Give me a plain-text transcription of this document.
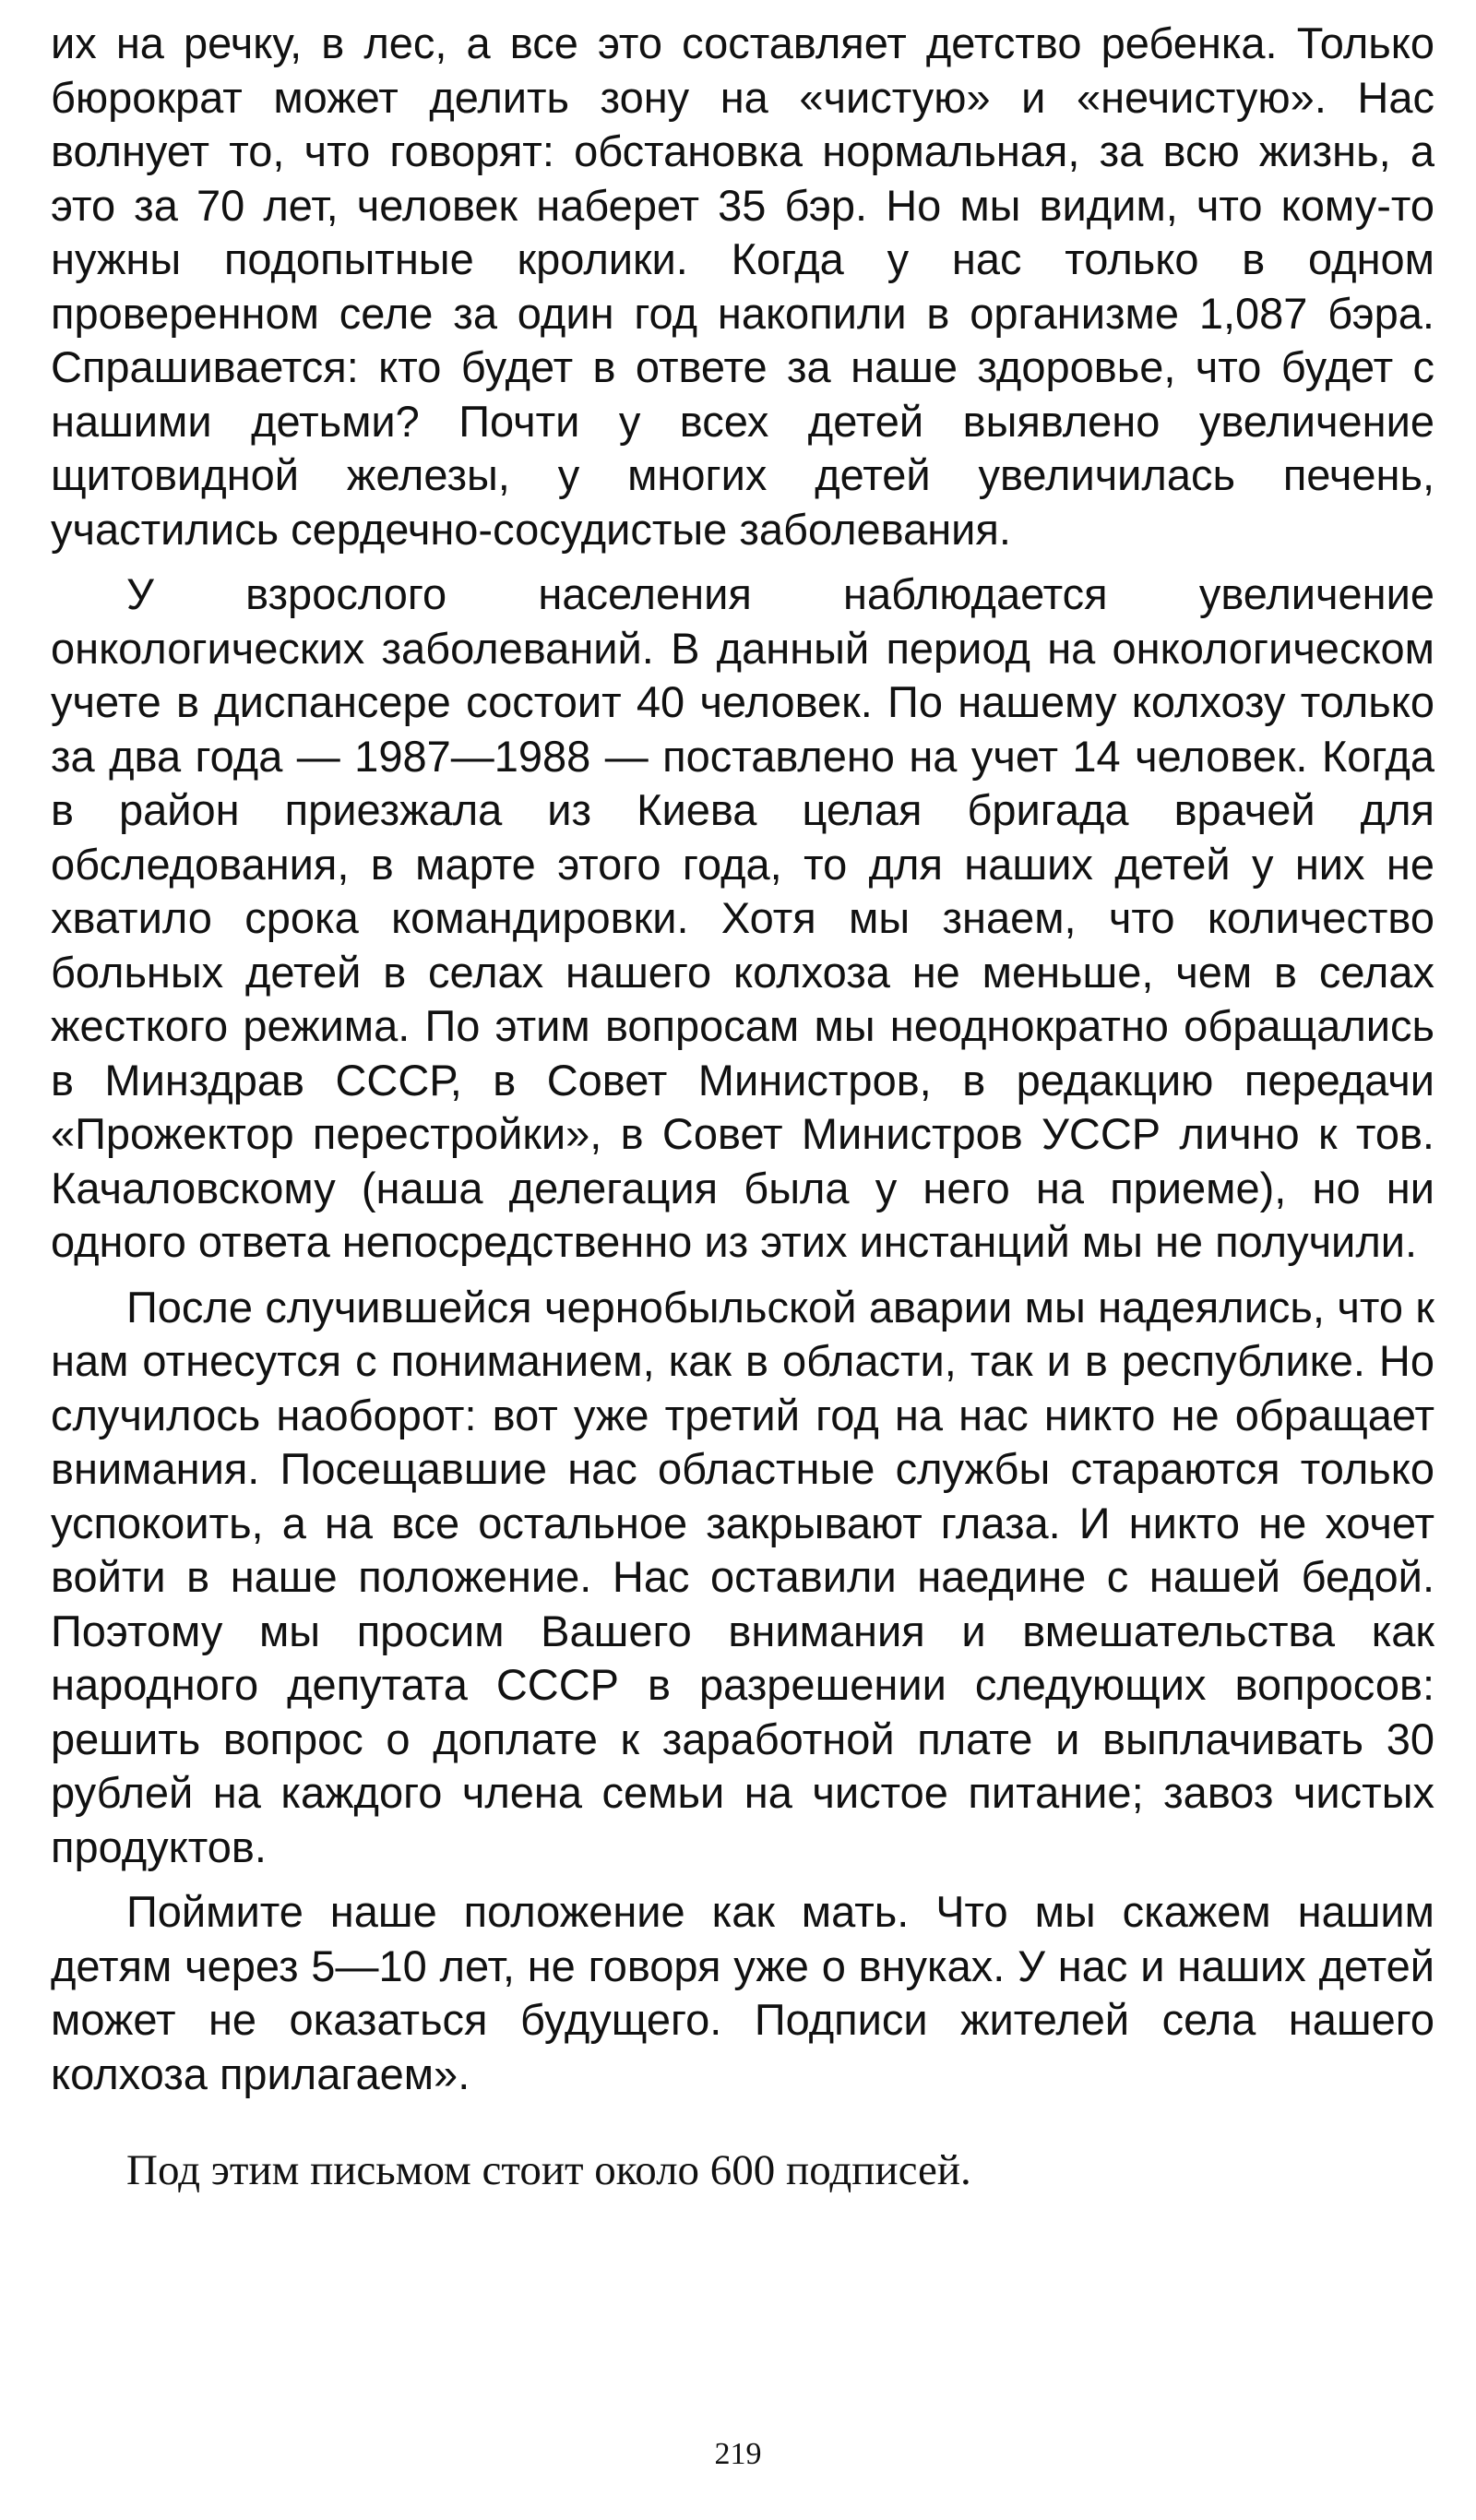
их на речку, в лес, а все это составляет детство ребенка. Только бюрократ может делить зону на «чистую» и «нечистую». Нас волнует то, что говорят: обстановка нормальная, за всю жизнь, а это за 70 лет, человек наберет 35 бэр. Но мы видим, что кому-то нужны подопытные кролики. Когда у нас только в одном проверенном селе за один год накопили в организме 1,087 бэра. Спрашивается: кто будет в ответе за наше здоровье, что будет с нашими детьми? Почти у всех детей выявлено увеличение щитовидной железы, у многих детей увеличилась печень, участились сердечно-сосудистые заболевания.

У взрослого населения наблюдается увеличение онкологических заболеваний. В данный период на онкологическом учете в диспансере состоит 40 человек. По нашему колхозу только за два года — 1987—1988 — поставлено на учет 14 человек. Когда в район приезжала из Киева целая бригада врачей для обследования, в марте этого года, то для наших детей у них не хватило срока командировки. Хотя мы знаем, что количество больных детей в селах нашего колхоза не меньше, чем в селах жесткого режима. По этим вопросам мы неоднократно обращались в Минздрав СССР, в Совет Министров, в редакцию передачи «Прожектор перестройки», в Совет Министров УССР лично к тов. Качаловскому (наша делегация была у него на приеме), но ни одного ответа непосредственно из этих инстанций мы не получили.

После случившейся чернобыльской аварии мы надеялись, что к нам отнесутся с пониманием, как в области, так и в республике. Но случилось наоборот: вот уже третий год на нас никто не обращает внимания. Посещавшие нас областные службы стараются только успокоить, а на все остальное закрывают глаза. И никто не хочет войти в наше положение. Нас оставили наедине с нашей бедой. Поэтому мы просим Вашего внимания и вмешательства как народного депутата СССР в разрешении следующих вопросов: решить вопрос о доплате к заработной плате и выплачивать 30 рублей на каждого члена семьи на чистое питание; завоз чистых продуктов.

Поймите наше положение как мать. Что мы скажем нашим детям через 5—10 лет, не говоря уже о внуках. У нас и наших детей может не оказаться будущего. Подписи жителей села нашего колхоза прилагаем».

Под этим письмом стоит около 600 подписей.

219
